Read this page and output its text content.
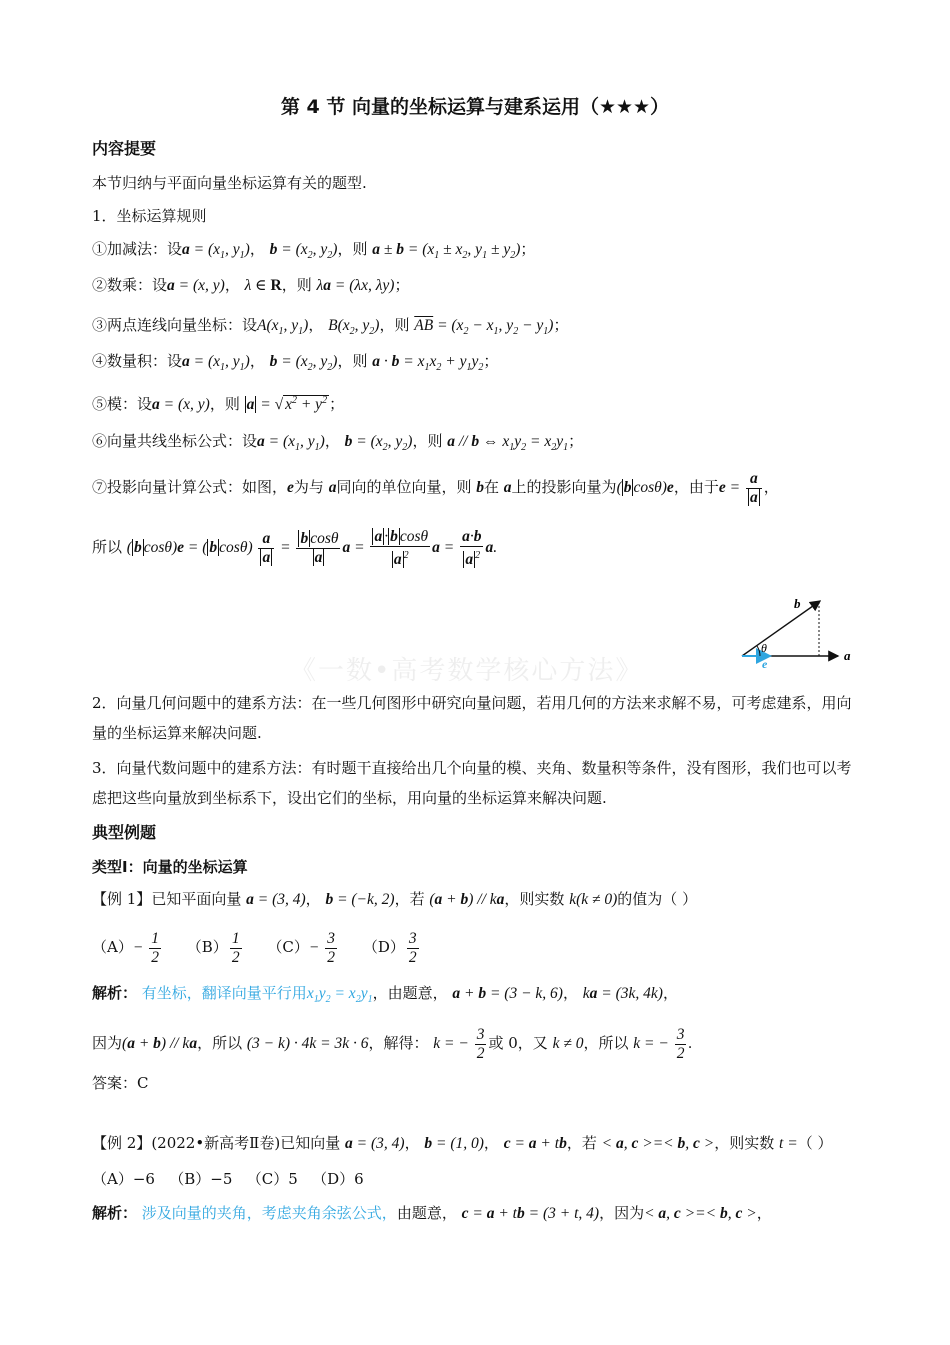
第 4 节 向量的坐标运算与建系运用（★★★）
内容提要
本节归纳与平面向量坐标运算有关的题型.
1．坐标运算规则
①加减法：设$a = (x_1$, $y_1$)， $b = (x_2$, $y_2$)，则 $a \pm b = (x_1 \pm x_2$, $y_1 \pm y_2$)；
②数乘：设a = (x, y)， λ ∈ R，则 λa = (λx, λy)；
③两点连线向量坐标：设$A(x_1$, $y_1$)， $B(x_2$, $y_2$)，则 $\overline{AB} = (x_2 - x_1$, $y_2 - y_1$)；
④数量积：设$a = (x_1$, $y_1$)， $b = (x_2$, $y_2$)，则 $a \cdot b = x_1x_2 + y_1y_2$；
⑤模：设a = (x, y)，则 a = √ $x^2 + y^2$ ；
⑥向量共线坐标公式：设$a = (x_1$, $y_1$)， $b = (x_2$, $y_2$)，则 a // b ⇔ $x_1y_2 = x_2y_1$；
⑦投影向量计算公式：如图，e为与 a同向的单位向量，则 b在 a上的投影向量为( b cosθ)e，由于$e = \frac{a}{a}$ ，
所以 ( b cosθ)e = ( b $\cos\theta) \frac{a}{a} = \frac{\text{b cosθ}}{a}$ $a = \frac{\text{a · b cosθ}}{a ^2}$ $a = \frac{a\cdot b}{a ^2} a$.
《一数•高考数学核心方法》
b
a
e
θ
2．向量几何问题中的建系方法：在一些几何图形中研究向量问题，若用几何的方法来求解不易，可考虑建系，用向量的坐标运算来解决问题.
3．向量代数问题中的建系方法：有时题干直接给出几个向量的模、夹角、数量积等条件，没有图形，我们也可以考虑把这些向量放到坐标系下，设出它们的坐标，用向量的坐标运算来解决问题.
典型例题
类型Ⅰ：向量的坐标运算
【例 1】已知平面向量 a = (3, 4)， b = (−k, 2)，若 (a + b) // ka，则实数 k(k ≠ 0)的值为（ ）
$(A)- \frac{1}{2} (B) \frac{1}{2} (C)- \frac{3}{2} (D) \frac{3}{2}$
解析： 有坐标，翻译向量平行用$x_1y_2 = x_2y_1$，由题意， a + b = (3 − k, 6)， ka = (3k, 4k)，
因为(a + b) // ka，所以 (3 − k) · 4k = 3k · 6，解得： k = − $\frac{3}{2}$ 或 0，又 k ≠ 0，所以 k = − $\frac{3}{2}$ .
答案：C
【例 2】(2022•新高考Ⅱ卷)已知向量 a = (3, 4)， b = (1, 0)， c = a + tb，若 < a, c >=< b, c >，则实数 t =（ ）
（A）−6 （B）−5 （C）5 （D）6
解析： 涉及向量的夹角，考虑夹角余弦公式，由题意， c = a + tb = (3 + t, 4)，因为< a, c >=< b, c >，
